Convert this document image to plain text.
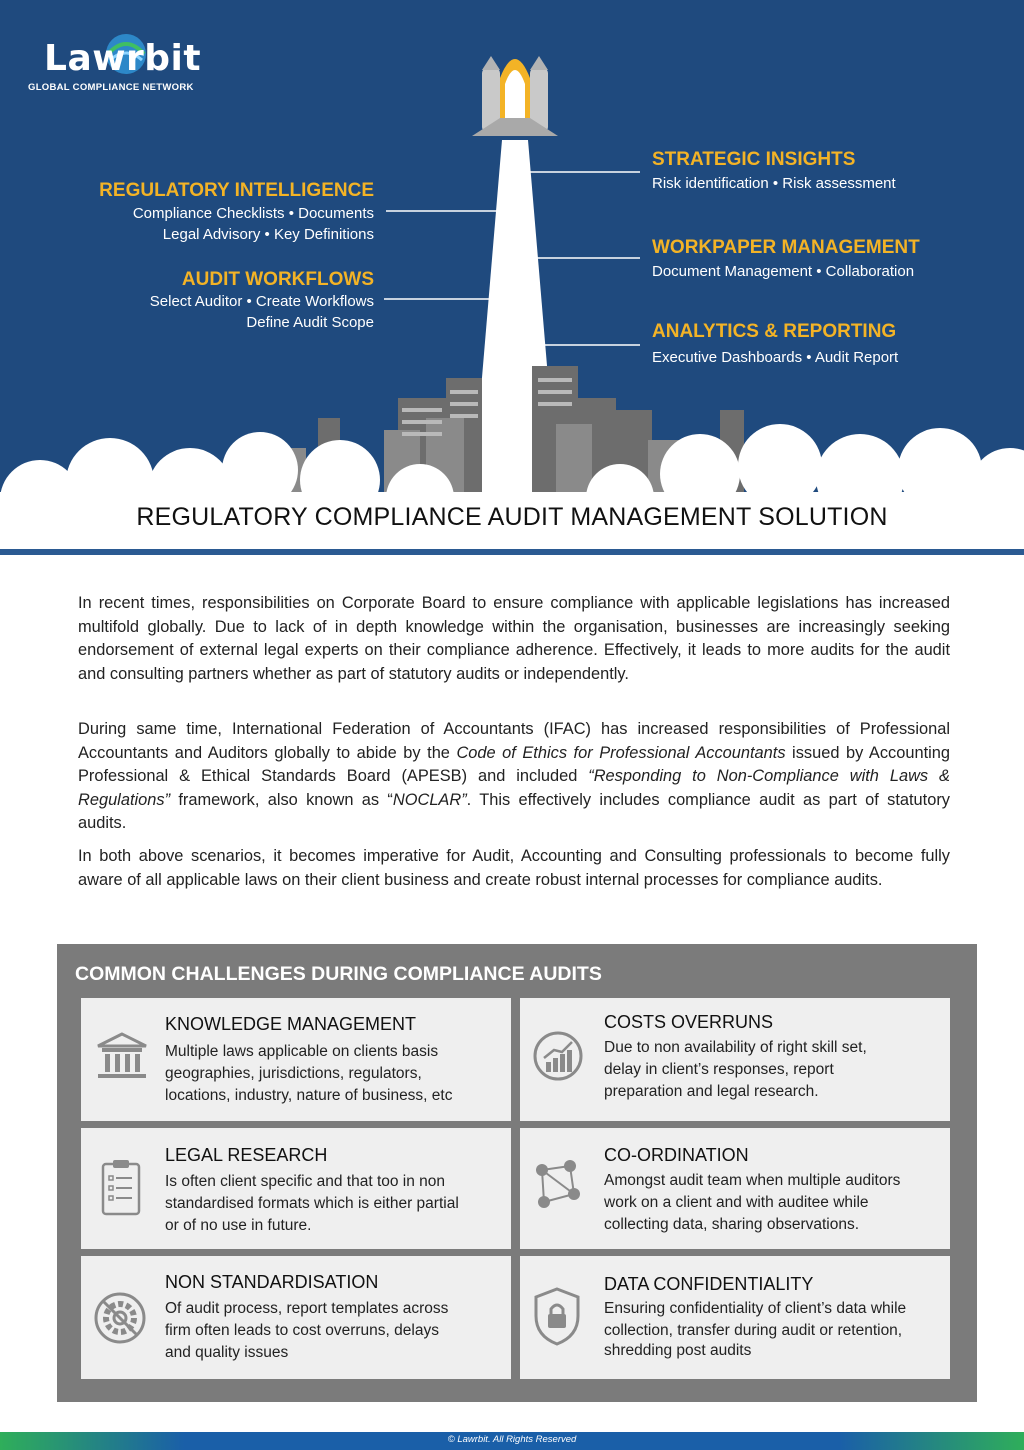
Lawrbit
GLOBAL COMPLIANCE NETWORK
REGULATORY INTELLIGENCE
Compliance Checklists • Documents
Legal Advisory • Key Definitions
AUDIT WORKFLOWS
Select Auditor • Create Workflows
Define Audit Scope
STRATEGIC INSIGHTS
Risk identification • Risk assessment
WORKPAPER MANAGEMENT
Document Management • Collaboration
ANALYTICS & REPORTING
Executive Dashboards • Audit Report
REGULATORY COMPLIANCE AUDIT MANAGEMENT SOLUTION

In recent times, responsibilities on Corporate Board to ensure compliance with applicable legislations has increased multifold globally. Due to lack of in depth knowledge within the organisation, businesses are increasingly seeking endorsement of external legal experts on their compliance adherence. Effectively, it leads to more audits for the audit and consulting partners whether as part of statutory audits or independently.

During same time, International Federation of Accountants (IFAC) has increased responsibilities of Professional Accountants and Auditors globally to abide by the Code of Ethics for Professional Accountants issued by Accounting Professional & Ethical Standards Board (APESB) and included “Responding to Non-Compliance with Laws & Regulations” framework, also known as “NOCLAR”. This effectively includes compliance audit as part of statutory audits.

In both above scenarios, it becomes imperative for Audit, Accounting and Consulting professionals to become fully aware of all applicable laws on their client business and create robust internal processes for compliance audits.

COMMON CHALLENGES DURING COMPLIANCE AUDITS
KNOWLEDGE MANAGEMENT
Multiple laws applicable on clients basis
geographies, jurisdictions, regulators,
locations, industry, nature of business, etc
COSTS OVERRUNS
Due to non availability of right skill set,
delay in client’s responses, report
preparation and legal research.
LEGAL RESEARCH
Is often client specific and that too in non
standardised formats which is either partial
or of no use in future.
CO-ORDINATION
Amongst audit team when multiple auditors
work on a client and with auditee while
collecting data, sharing observations.
NON STANDARDISATION
Of audit process, report templates across
firm often leads to cost overruns, delays
and quality issues
DATA CONFIDENTIALITY
Ensuring confidentiality of client’s data while
collection, transfer during audit or retention,
shredding post audits
© Lawrbit. All Rights Reserved
